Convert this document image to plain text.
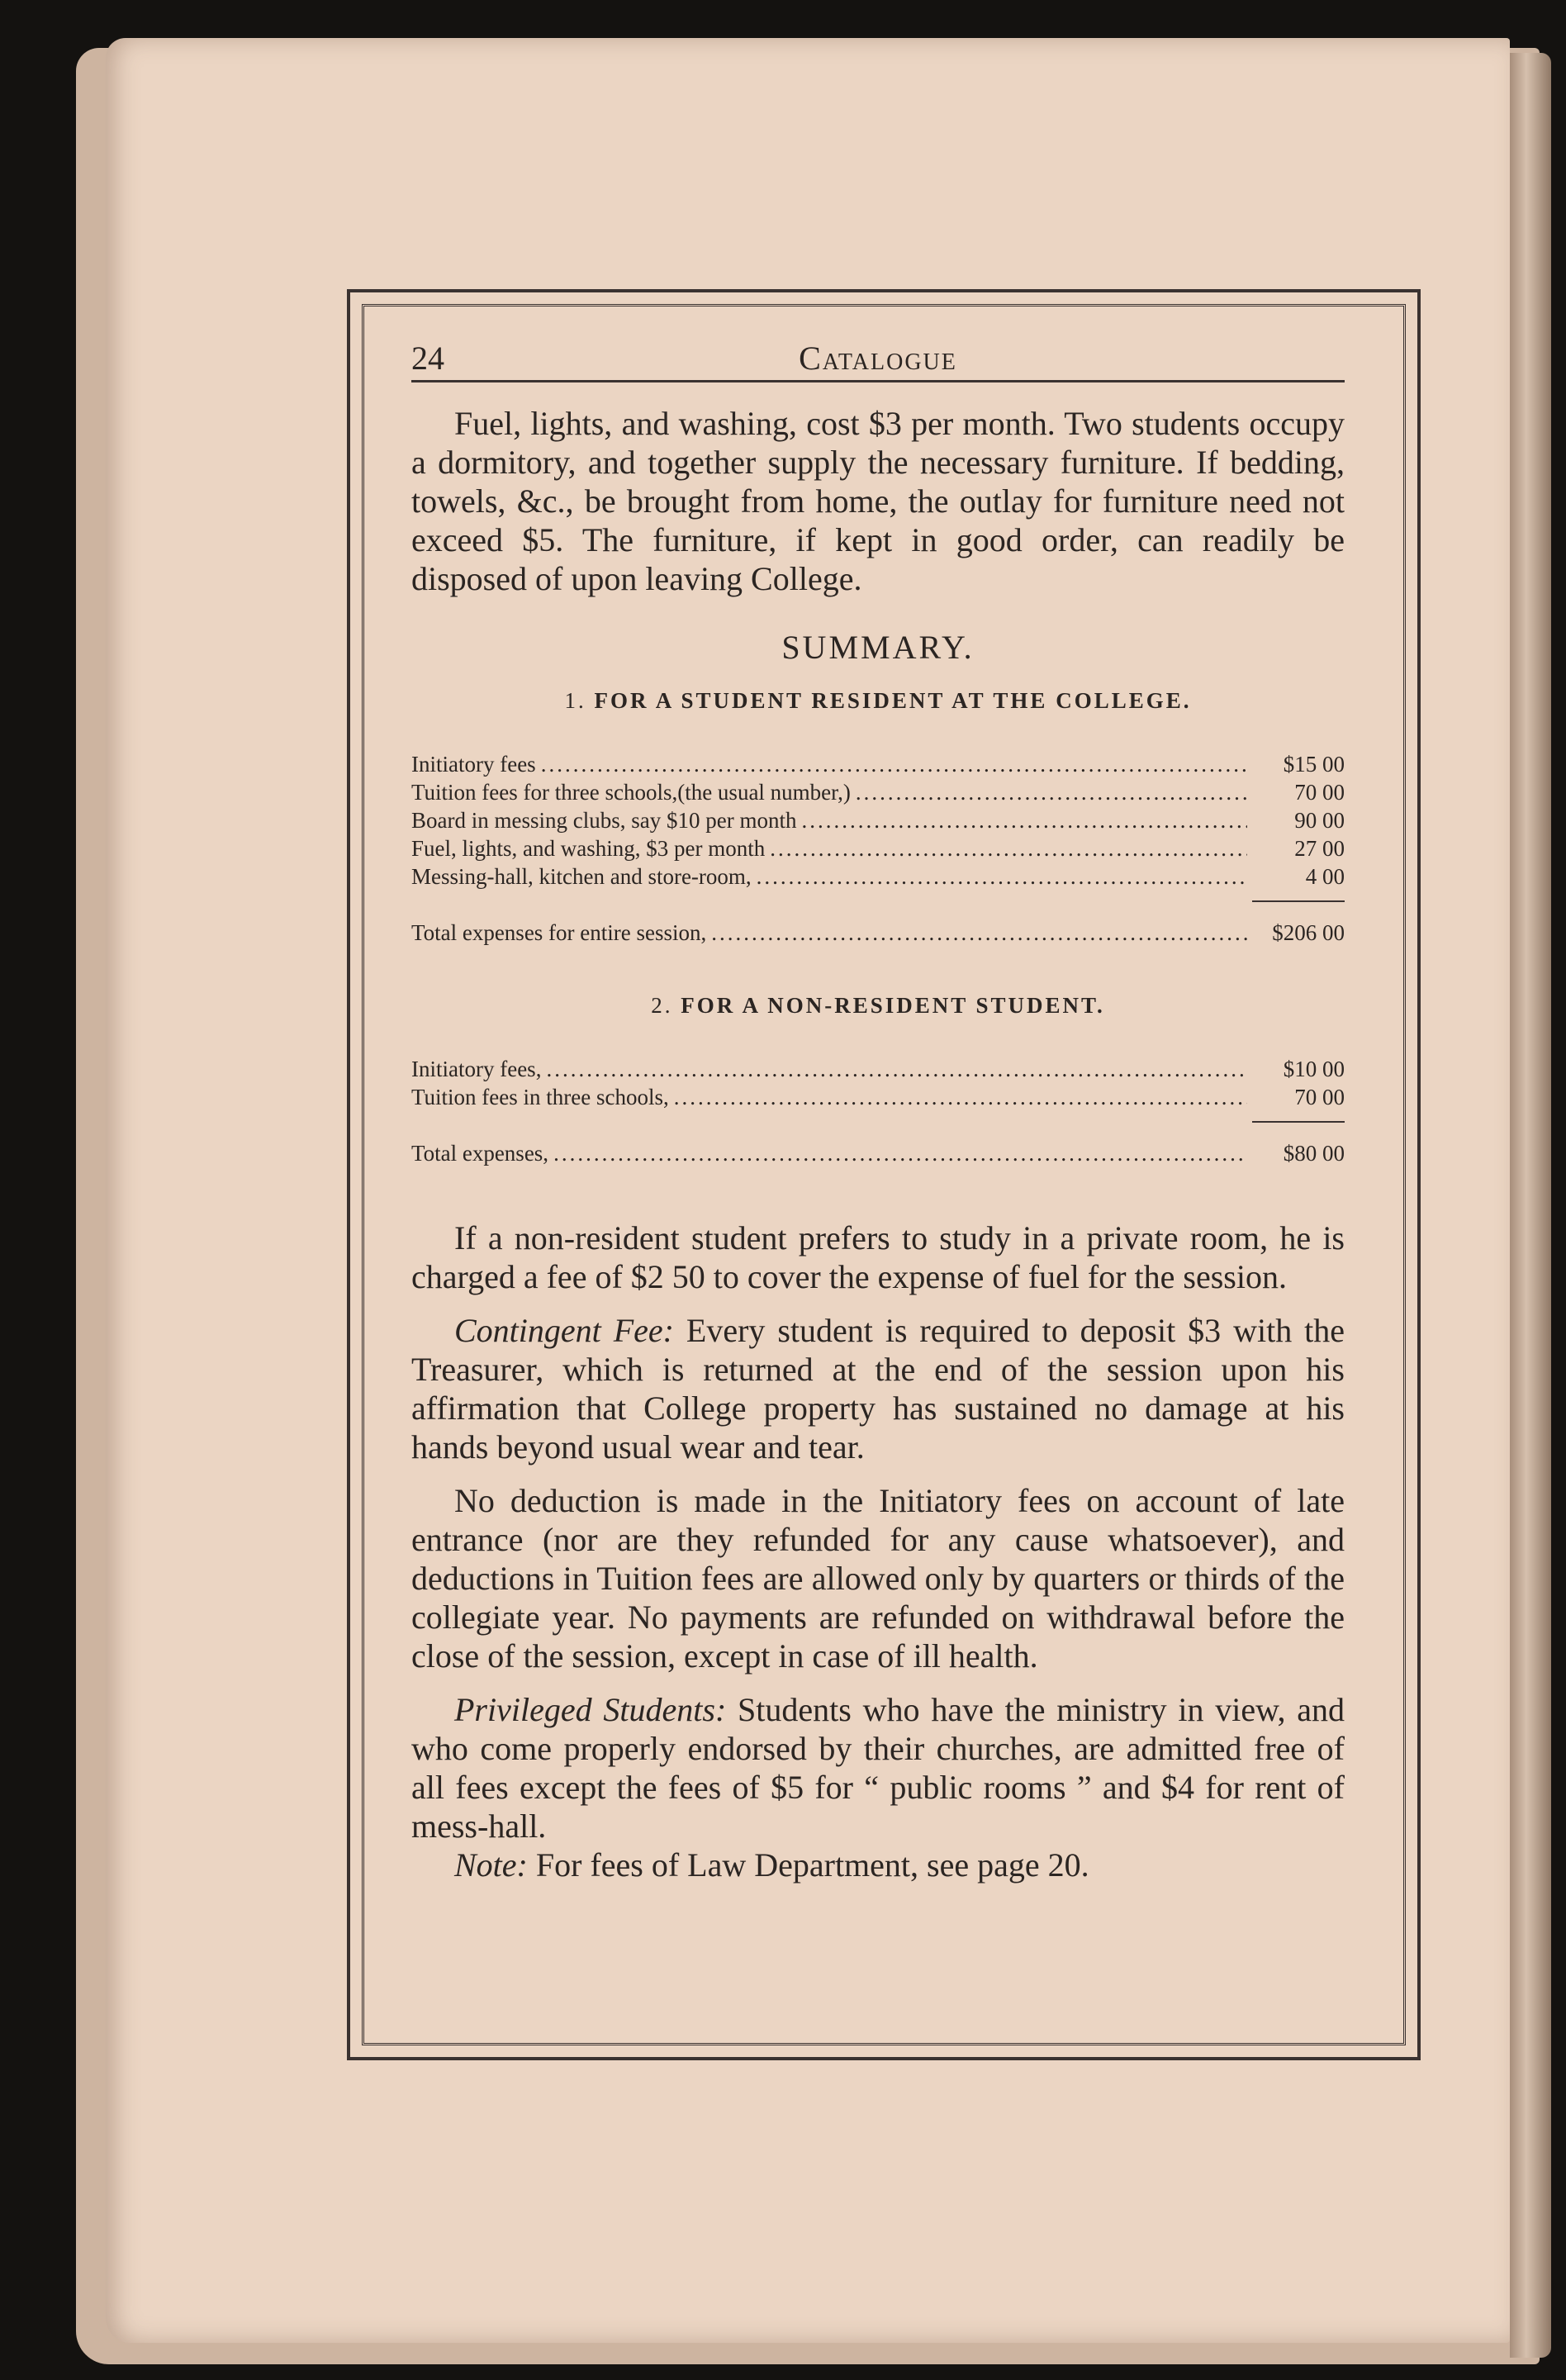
24	Catalogue

Fuel, lights, and washing, cost $3 per month. Two students occupy a dormitory, and together supply the necessary furniture. If bedding, towels, &c., be brought from home, the outlay for furniture need not exceed $5. The furniture, if kept in good order, can readily be disposed of upon leaving College.

SUMMARY.
1. FOR A STUDENT RESIDENT AT THE COLLEGE.
Initiatory fees .....	$15 00
Tuition fees for three schools,(the usual number,) .....	70 00
Board in messing clubs, say $10 per month .....	90 00
Fuel, lights, and washing, $3 per month .....	27 00
Messing-hall, kitchen and store-room, .....	4 00
Total expenses for entire session, .....	$206 00
2. FOR A NON-RESIDENT STUDENT.
Initiatory fees, .....	$10 00
Tuition fees in three schools, .....	70 00
Total expenses, .....	$80 00

If a non-resident student prefers to study in a private room, he is charged a fee of $2 50 to cover the expense of fuel for the session.

Contingent Fee: Every student is required to deposit $3 with the Treasurer, which is returned at the end of the session upon his affirmation that College property has sustained no damage at his hands beyond usual wear and tear.

No deduction is made in the Initiatory fees on account of late entrance (nor are they refunded for any cause whatsoever), and deductions in Tuition fees are allowed only by quarters or thirds of the collegiate year. No payments are refunded on withdrawal before the close of the session, except in case of ill health.

Privileged Students: Students who have the ministry in view, and who come properly endorsed by their churches, are admitted free of all fees except the fees of $5 for “ public rooms ” and $4 for rent of mess-hall.

Note: For fees of Law Department, see page 20.
